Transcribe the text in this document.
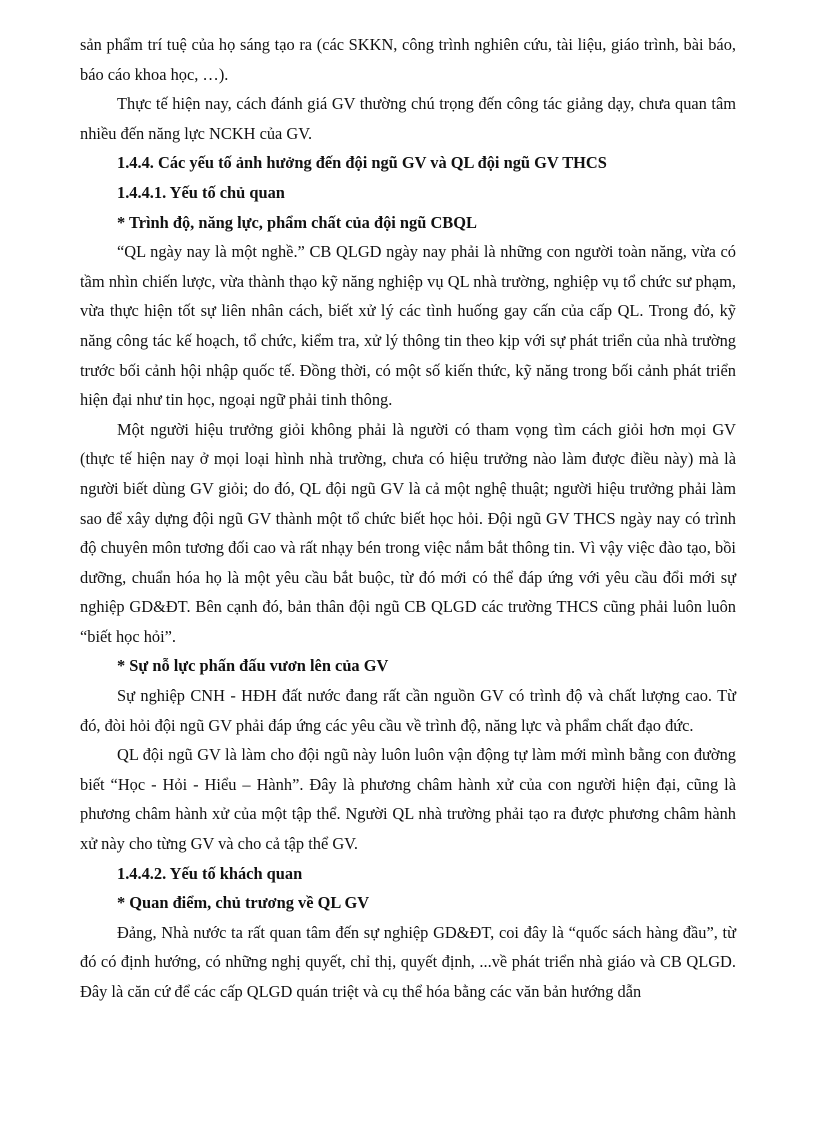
sản phẩm trí tuệ của họ sáng tạo ra (các SKKN, công trình nghiên cứu, tài liệu, giáo trình, bài báo, báo cáo khoa học, …).

Thực tế hiện nay, cách đánh giá GV thường chú trọng đến công tác giảng dạy, chưa quan tâm nhiều đến năng lực NCKH của GV.

1.4.4. Các yếu tố ảnh hưởng đến đội ngũ GV và QL đội ngũ GV THCS

1.4.4.1. Yếu tố chủ quan

* Trình độ, năng lực, phẩm chất của đội ngũ CBQL

“QL ngày nay là một nghề.” CB QLGD ngày nay phải là những con người toàn năng, vừa có tầm nhìn chiến lược, vừa thành thạo kỹ năng nghiệp vụ QL nhà trường, nghiệp vụ tổ chức sư phạm, vừa thực hiện tốt sự liên nhân cách, biết xử lý các tình huống gay cấn của cấp QL. Trong đó, kỹ năng công tác kế hoạch, tổ chức, kiểm tra, xử lý thông tin theo kịp với sự phát triển của nhà trường trước bối cảnh hội nhập quốc tế. Đồng thời, có một số kiến thức, kỹ năng trong bối cảnh phát triển hiện đại như tin học, ngoại ngữ phải tinh thông.

Một người hiệu trưởng giỏi không phải là người có tham vọng tìm cách giỏi hơn mọi GV (thực tế hiện nay ở mọi loại hình nhà trường, chưa có hiệu trưởng nào làm được điều này) mà là người biết dùng GV giỏi; do đó, QL đội ngũ GV là cả một nghệ thuật; người hiệu trưởng phải làm sao để xây dựng đội ngũ GV thành một tổ chức biết học hỏi. Đội ngũ GV THCS ngày nay có trình độ chuyên môn tương đối cao và rất nhạy bén trong việc nắm bắt thông tin. Vì vậy việc đào tạo, bồi dưỡng, chuẩn hóa họ là một yêu cầu bắt buộc, từ đó mới có thể đáp ứng với yêu cầu đổi mới sự nghiệp GD&ĐT. Bên cạnh đó, bản thân đội ngũ CB QLGD các trường THCS cũng phải luôn luôn “biết học hỏi”.

* Sự nỗ lực phấn đấu vươn lên của GV

Sự nghiệp CNH - HĐH đất nước đang rất cần nguồn GV có trình độ và chất lượng cao. Từ đó, đòi hỏi đội ngũ GV phải đáp ứng các yêu cầu về trình độ, năng lực và phẩm chất đạo đức.

QL đội ngũ GV là làm cho đội ngũ này luôn luôn vận động tự làm mới mình bằng con đường biết “Học - Hỏi - Hiểu – Hành”. Đây là phương châm hành xử của con người hiện đại, cũng là phương châm hành xử của một tập thể. Người QL nhà trường phải tạo ra được phương châm hành xử này cho từng GV và cho cả tập thể GV.

1.4.4.2. Yếu tố khách quan

* Quan điểm, chủ trương về QL GV

Đảng, Nhà nước ta rất quan tâm đến sự nghiệp GD&ĐT, coi đây là “quốc sách hàng đầu”, từ đó có định hướng, có những nghị quyết, chỉ thị, quyết định, ...về phát triển nhà giáo và CB QLGD. Đây là căn cứ để các cấp QLGD quán triệt và cụ thể hóa bằng các văn bản hướng dẫn
